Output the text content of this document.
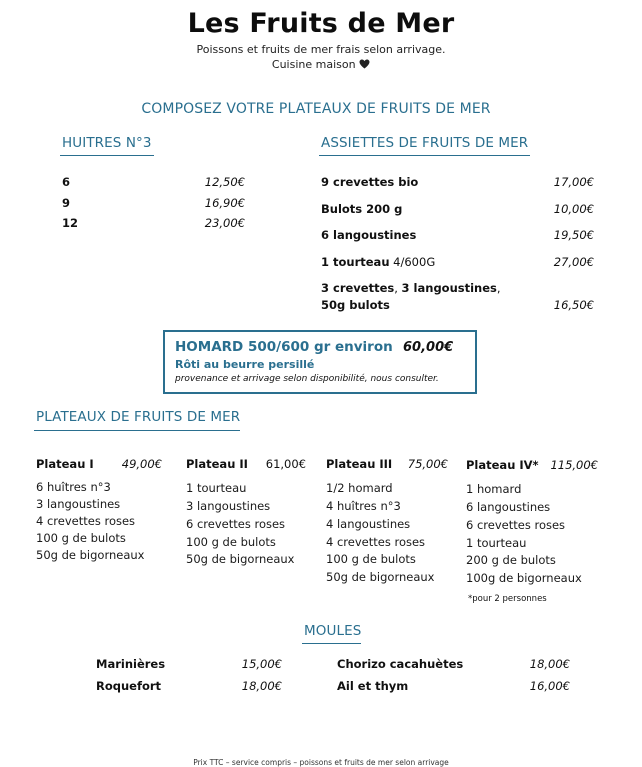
Les Fruits de Mer
Poissons et fruits de mer frais selon arrivage.
Cuisine maison
COMPOSEZ VOTRE PLATEAUX DE FRUITS DE MER
HUITRES N°3
6	12,50€
9	16,90€
12	23,00€
ASSIETTES DE FRUITS DE MER
9 crevettes bio	17,00€
Bulots 200 g	10,00€
6 langoustines	19,50€
1 tourteau 4/600G	27,00€
3 crevettes, 3 langoustines,
50g bulots	16,50€
HOMARD 500/600 gr environ 60,00€
Rôti au beurre persillé
provenance et arrivage selon disponibilité, nous consulter.
PLATEAUX DE FRUITS DE MER
Plateau I	49,00€
6 huîtres n°3
3 langoustines
4 crevettes roses
100 g de bulots
50g de bigorneaux
Plateau II	61,00€
1 tourteau
3 langoustines
6 crevettes roses
100 g de bulots
50g de bigorneaux
Plateau III	75,00€
1/2 homard
4 huîtres n°3
4 langoustines
4 crevettes roses
100 g de bulots
50g de bigorneaux
Plateau IV*	115,00€
1 homard
6 langoustines
6 crevettes roses
1 tourteau
200 g de bulots
100g de bigorneaux
*pour 2 personnes
MOULES
Marinières	15,00€
Roquefort	18,00€
Chorizo cacahuètes	18,00€
Ail et thym	16,00€
Prix TTC – service compris – poissons et fruits de mer selon arrivage
